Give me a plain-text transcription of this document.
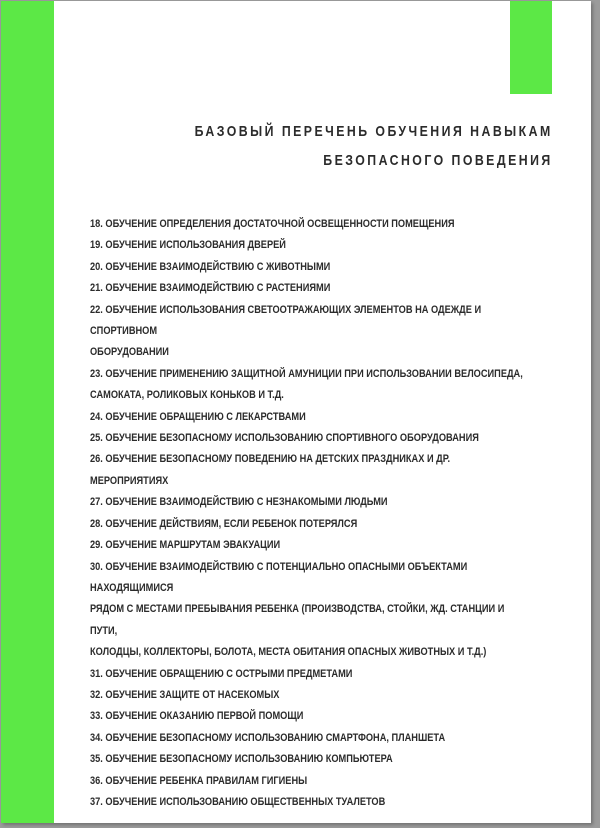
БАЗОВЫЙ ПЕРЕЧЕНЬ ОБУЧЕНИЯ НАВЫКАМ
БЕЗОПАСНОГО ПОВЕДЕНИЯ
18. ОБУЧЕНИЕ ОПРЕДЕЛЕНИЯ ДОСТАТОЧНОЙ ОСВЕЩЕННОСТИ ПОМЕЩЕНИЯ
19. ОБУЧЕНИЕ ИСПОЛЬЗОВАНИЯ ДВЕРЕЙ
20. ОБУЧЕНИЕ ВЗАИМОДЕЙСТВИЮ С ЖИВОТНЫМИ
21. ОБУЧЕНИЕ ВЗАИМОДЕЙСТВИЮ С РАСТЕНИЯМИ
22. ОБУЧЕНИЕ ИСПОЛЬЗОВАНИЯ СВЕТООТРАЖАЮЩИХ ЭЛЕМЕНТОВ НА ОДЕЖДЕ И СПОРТИВНОМ
ОБОРУДОВАНИИ
23. ОБУЧЕНИЕ ПРИМЕНЕНИЮ ЗАЩИТНОЙ АМУНИЦИИ ПРИ ИСПОЛЬЗОВАНИИ ВЕЛОСИПЕДА,
САМОКАТА, РОЛИКОВЫХ КОНЬКОВ И Т.Д.
24. ОБУЧЕНИЕ ОБРАЩЕНИЮ С ЛЕКАРСТВАМИ
25. ОБУЧЕНИЕ БЕЗОПАСНОМУ ИСПОЛЬЗОВАНИЮ СПОРТИВНОГО ОБОРУДОВАНИЯ
26. ОБУЧЕНИЕ БЕЗОПАСНОМУ ПОВЕДЕНИЮ НА ДЕТСКИХ ПРАЗДНИКАХ И ДР. МЕРОПРИЯТИЯХ
27. ОБУЧЕНИЕ ВЗАИМОДЕЙСТВИЮ С НЕЗНАКОМЫМИ ЛЮДЬМИ
28. ОБУЧЕНИЕ ДЕЙСТВИЯМ, ЕСЛИ РЕБЕНОК ПОТЕРЯЛСЯ
29. ОБУЧЕНИЕ МАРШРУТАМ ЭВАКУАЦИИ
30. ОБУЧЕНИЕ ВЗАИМОДЕЙСТВИЮ С ПОТЕНЦИАЛЬНО ОПАСНЫМИ ОБЪЕКТАМИ НАХОДЯЩИМИСЯ
РЯДОМ С МЕСТАМИ ПРЕБЫВАНИЯ РЕБЕНКА (ПРОИЗВОДСТВА, СТОЙКИ, ЖД. СТАНЦИИ И ПУТИ,
КОЛОДЦЫ, КОЛЛЕКТОРЫ, БОЛОТА, МЕСТА ОБИТАНИЯ ОПАСНЫХ ЖИВОТНЫХ И Т.Д.)
31. ОБУЧЕНИЕ ОБРАЩЕНИЮ С ОСТРЫМИ ПРЕДМЕТАМИ
32. ОБУЧЕНИЕ ЗАЩИТЕ ОТ НАСЕКОМЫХ
33. ОБУЧЕНИЕ ОКАЗАНИЮ ПЕРВОЙ ПОМОЩИ
34. ОБУЧЕНИЕ БЕЗОПАСНОМУ ИСПОЛЬЗОВАНИЮ СМАРТФОНА, ПЛАНШЕТА
35. ОБУЧЕНИЕ БЕЗОПАСНОМУ ИСПОЛЬЗОВАНИЮ КОМПЬЮТЕРА
36. ОБУЧЕНИЕ РЕБЕНКА ПРАВИЛАМ ГИГИЕНЫ
37. ОБУЧЕНИЕ ИСПОЛЬЗОВАНИЮ ОБЩЕСТВЕННЫХ ТУАЛЕТОВ
